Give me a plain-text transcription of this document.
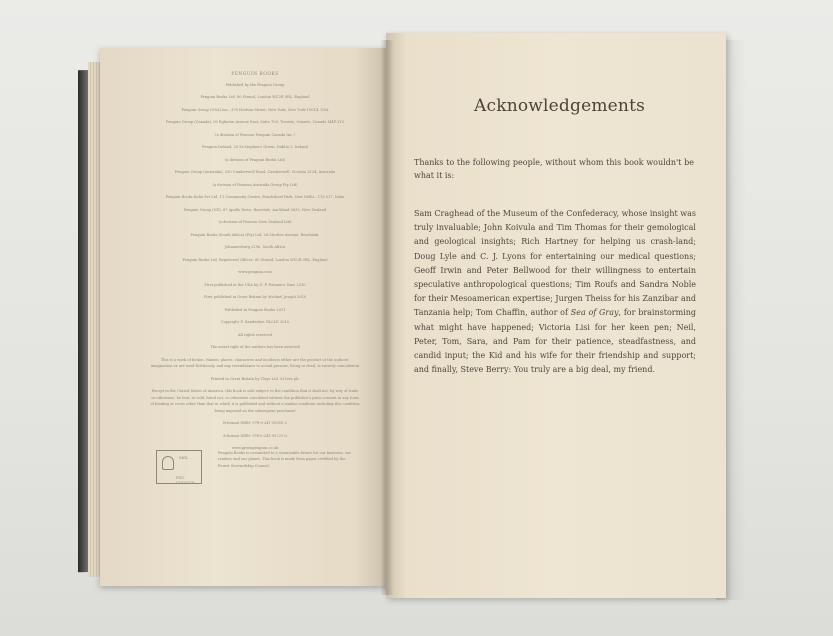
PENGUIN BOOKS

Published by the Penguin Group

Penguin Books Ltd, 80 Strand, London WC2R 0RL, England

Penguin Group (USA) Inc., 375 Hudson Street, New York, New York 10014, USA

Penguin Group (Canada), 90 Eglinton Avenue East, Suite 700, Toronto, Ontario, Canada M4P 2Y3

(a division of Pearson Penguin Canada Inc.)

Penguin Ireland, 25 St Stephen's Green, Dublin 2, Ireland

(a division of Penguin Books Ltd)

Penguin Group (Australia), 250 Camberwell Road, Camberwell, Victoria 3124, Australia

(a division of Pearson Australia Group Pty Ltd)

Penguin Books India Pvt Ltd, 11 Community Centre, Panchsheel Park, New Delhi – 110 017, India

Penguin Group (NZ), 67 Apollo Drive, Rosedale, Auckland 0632, New Zealand

(a division of Pearson New Zealand Ltd)

Penguin Books (South Africa) (Pty) Ltd, 24 Sturdee Avenue, Rosebank,

Johannesburg 2196, South Africa

Penguin Books Ltd, Registered Offices: 80 Strand, London WC2R 0RL, England

www.penguin.com

First published in the USA by G. P. Putnam's Sons 2010

First published in Great Britain by Michael Joseph 2010

Published in Penguin Books 2011

Copyright © Sandecker, RLLLP, 2010

All rights reserved

The moral right of the authors has been asserted

This is a work of fiction. Names, places, characters and incidents either are the product of the authors' imagination or are used fictitiously, and any resemblance to actual persons, living or dead, is entirely coincidental

Printed in Great Britain by Clays Ltd, St Ives plc

Except in the United States of America, this book is sold subject to the condition that it shall not, by way of trade or otherwise, be lent, re-sold, hired out, or otherwise circulated without the publisher's prior consent in any form of binding or cover other than that in which it is published and without a similar condition including this condition being imposed on the subsequent purchaser

B-format ISBN: 978-0-241-95305-2

A-format ISBN: 978-0-241-95721-0

www.greenpenguin.co.uk

MIX
FSC C018179
Penguin Books is committed to a sustainable future for our business, our readers and our planet. This book is made from paper certified by the Forest Stewardship Council.
Acknowledgements
Thanks to the following people, without whom this book wouldn't be what it is:
Sam Craghead of the Museum of the Confederacy, whose insight was truly invaluable; John Koivula and Tim Thomas for their gemological and geological insights; Rich Hartney for helping us crash-land; Doug Lyle and C. J. Lyons for entertaining our medical questions; Geoff Irwin and Peter Bellwood for their willingness to entertain speculative anthropological questions; Tim Roufs and Sandra Noble for their Mesoamerican expertise; Jurgen Theiss for his Zanzibar and Tanzania help; Tom Chaffin, author of Sea of Gray, for brainstorming what might have happened; Victoria Lisi for her keen pen; Neil, Peter, Tom, Sara, and Pam for their patience, steadfastness, and candid input; the Kid and his wife for their friendship and support; and finally, Steve Berry: You truly are a big deal, my friend.
